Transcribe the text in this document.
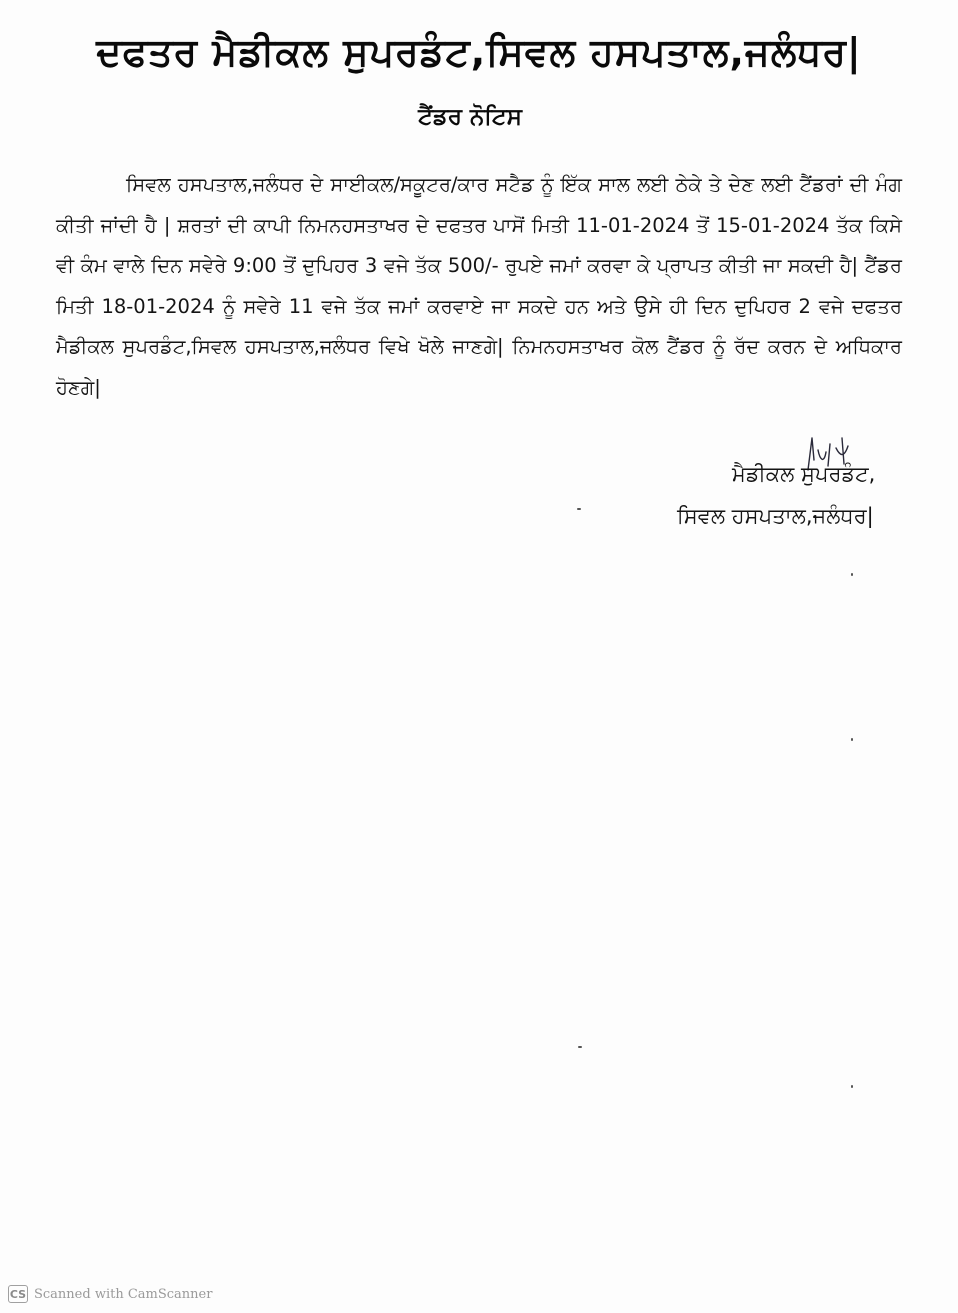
ਦਫਤਰ ਮੈਡੀਕਲ ਸੁਪਰਡੰਟ,ਸਿਵਲ ਹਸਪਤਾਲ,ਜਲੰਧਰ|
ਟੈਂਡਰ ਨੋਟਿਸ
ਸਿਵਲ ਹਸਪਤਾਲ,ਜਲੰਧਰ ਦੇ ਸਾਈਕਲ/ਸਕੂਟਰ/ਕਾਰ ਸਟੈਡ ਨੂੰ ਇੱਕ ਸਾਲ ਲਈ ਠੇਕੇ ਤੇ ਦੇਣ ਲਈ ਟੈਂਡਰਾਂ ਦੀ ਮੰਗ ਕੀਤੀ ਜਾਂਦੀ ਹੈ | ਸ਼ਰਤਾਂ ਦੀ ਕਾਪੀ ਨਿਮਨਹਸਤਾਖਰ ਦੇ ਦਫਤਰ ਪਾਸੋਂ ਮਿਤੀ 11-01-2024 ਤੋਂ 15-01-2024 ਤੱਕ ਕਿਸੇ ਵੀ ਕੰਮ ਵਾਲੇ ਦਿਨ ਸਵੇਰੇ 9:00 ਤੋਂ ਦੁਪਿਹਰ 3 ਵਜੇ ਤੱਕ 500/- ਰੁਪਏ ਜਮਾਂ ਕਰਵਾ ਕੇ ਪ੍ਰਾਪਤ ਕੀਤੀ ਜਾ ਸਕਦੀ ਹੈ| ਟੈਂਡਰ ਮਿਤੀ 18-01-2024 ਨੂੰ ਸਵੇਰੇ 11 ਵਜੇ ਤੱਕ ਜਮਾਂ ਕਰਵਾਏ ਜਾ ਸਕਦੇ ਹਨ ਅਤੇ ਉਸੇ ਹੀ ਦਿਨ ਦੁਪਿਹਰ 2 ਵਜੇ ਦਫਤਰ ਮੈਡੀਕਲ ਸੁਪਰਡੰਟ,ਸਿਵਲ ਹਸਪਤਾਲ,ਜਲੰਧਰ ਵਿਖੇ ਖੋਲੇ ਜਾਣਗੇ| ਨਿਮਨਹਸਤਾਖਰ ਕੋਲ ਟੈਂਡਰ ਨੂੰ ਰੱਦ ਕਰਨ ਦੇ ਅਧਿਕਾਰ ਹੋਣਗੇ|
ਮੈਡੀਕਲ ਸੁਪਰਡੰਟ,
ਸਿਵਲ ਹਸਪਤਾਲ,ਜਲੰਧਰ|
CS Scanned with CamScanner
